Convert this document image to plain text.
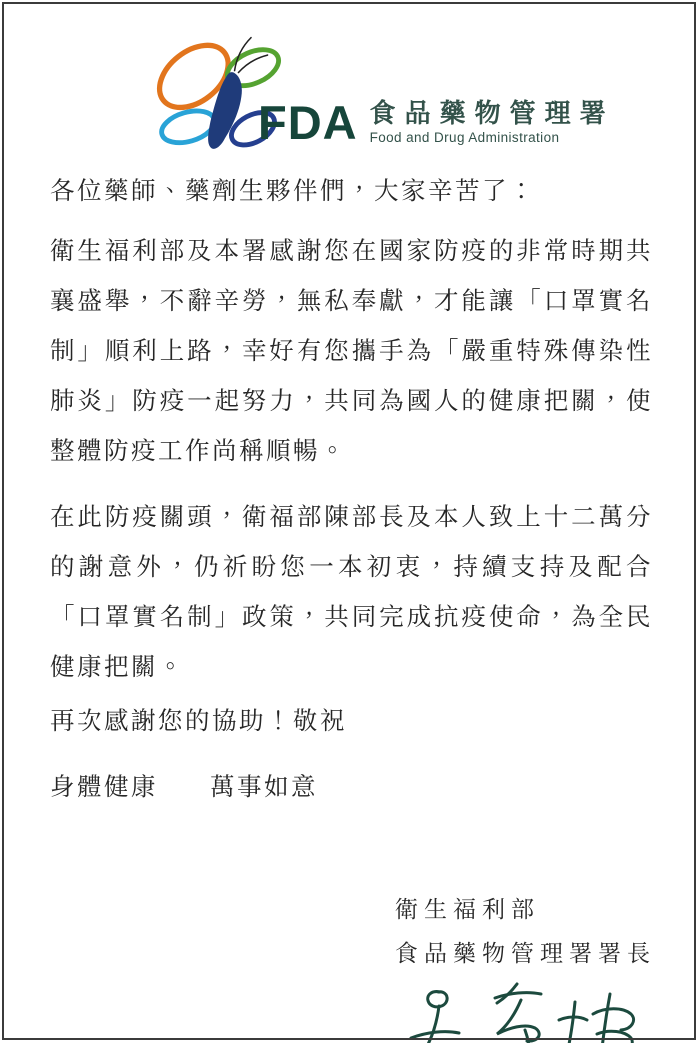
FDA 食品藥物管理署
Food and Drug Administration
各位藥師、藥劑生夥伴們，大家辛苦了：
衛生福利部及本署感謝您在國家防疫的非常時期共襄盛舉，不辭辛勞，無私奉獻，才能讓「口罩實名制」順利上路，幸好有您攜手為「嚴重特殊傳染性肺炎」防疫一起努力，共同為國人的健康把關，使整體防疫工作尚稱順暢。
在此防疫關頭，衛福部陳部長及本人致上十二萬分的謝意外，仍祈盼您一本初衷，持續支持及配合「口罩實名制」政策，共同完成抗疫使命，為全民健康把關。
再次感謝您的協助！敬祝
身體健康 萬事如意
衛生福利部
食品藥物管理署署長
